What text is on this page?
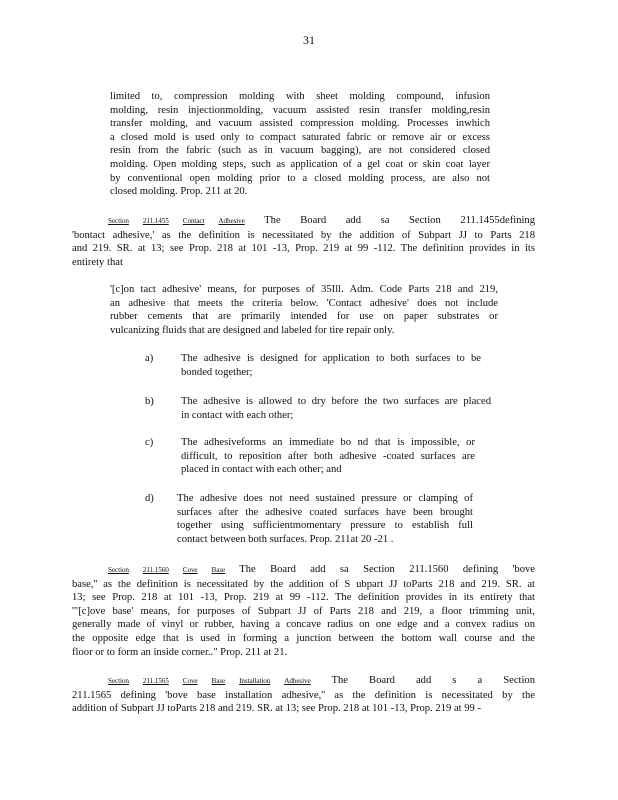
31
limited to, compression molding with sheet molding compound, infusion
molding, resin injectionmolding, vacuum assisted resin transfer molding,resin
transfer molding, and vacuum assisted compression molding. Processes inwhich
a closed mold is used only to compact saturated fabric or remove air or excess
resin from the fabric (such as in vacuum bagging), are not considered closed
molding. Open molding steps, such as application of a gel coat or skin coat layer
by conventional open molding prior to a closed molding process, are also not
closed molding. Prop. 211 at 20.
Section 211.1455 Contact Adhesive The Board add sa Section 211.1455defining
'bontact adhesive,' as the definition is necessitated by the addition of Subpart JJ to Parts 218
and 219. SR. at 13; see Prop. 218 at 101 -13, Prop. 219 at 99 -112. The definition provides in its
entirety that
'[c]on tact adhesive' means, for purposes of 35Ill. Adm. Code Parts 218 and 219,
an adhesive that meets the criteria below. 'Contact adhesive' does not include
rubber cements that are primarily intended for use on paper substrates or
vulcanizing fluids that are designed and labeled for tire repair only.
a)	The adhesive is designed for application to both surfaces to be
bonded together;
b)	The adhesive is allowed to dry before the two surfaces are placed
in contact with each other;
c)	The adhesiveforms an immediate bo nd that is impossible, or
difficult, to reposition after both adhesive -coated surfaces are
placed in contact with each other; and
d) The adhesive does not need sustained pressure or clamping of
surfaces after the adhesive coated surfaces have been brought
together using sufficientmomentary pressure to establish full
contact between both surfaces. Prop. 211at 20 -21 .
Section 211.1560 Cove Base The Board add sa Section 211.1560 defining 'bove
base,'' as the definition is necessitated by the addition of S ubpart JJ toParts 218 and 219. SR. at
13; see Prop. 218 at 101 -13, Prop. 219 at 99 -112. The definition provides in its entirety that
'"[c]ove base' means, for purposes of Subpart JJ of Parts 218 and 219, a floor trimming unit,
generally made of vinyl or rubber, having a concave radius on one edge and a convex radius on
the opposite edge that is used in forming a junction between the bottom wall course and the
floor or to form an inside corner.." Prop. 211 at 21.
Section 211.1565 Cove Base Installation Adhesive The Board add s a Section
211.1565 defining 'bove base installation adhesive,'' as the definition is necessitated by the
addition of Subpart JJ toParts 218 and 219. SR. at 13; see Prop. 218 at 101 -13, Prop. 219 at 99 -
